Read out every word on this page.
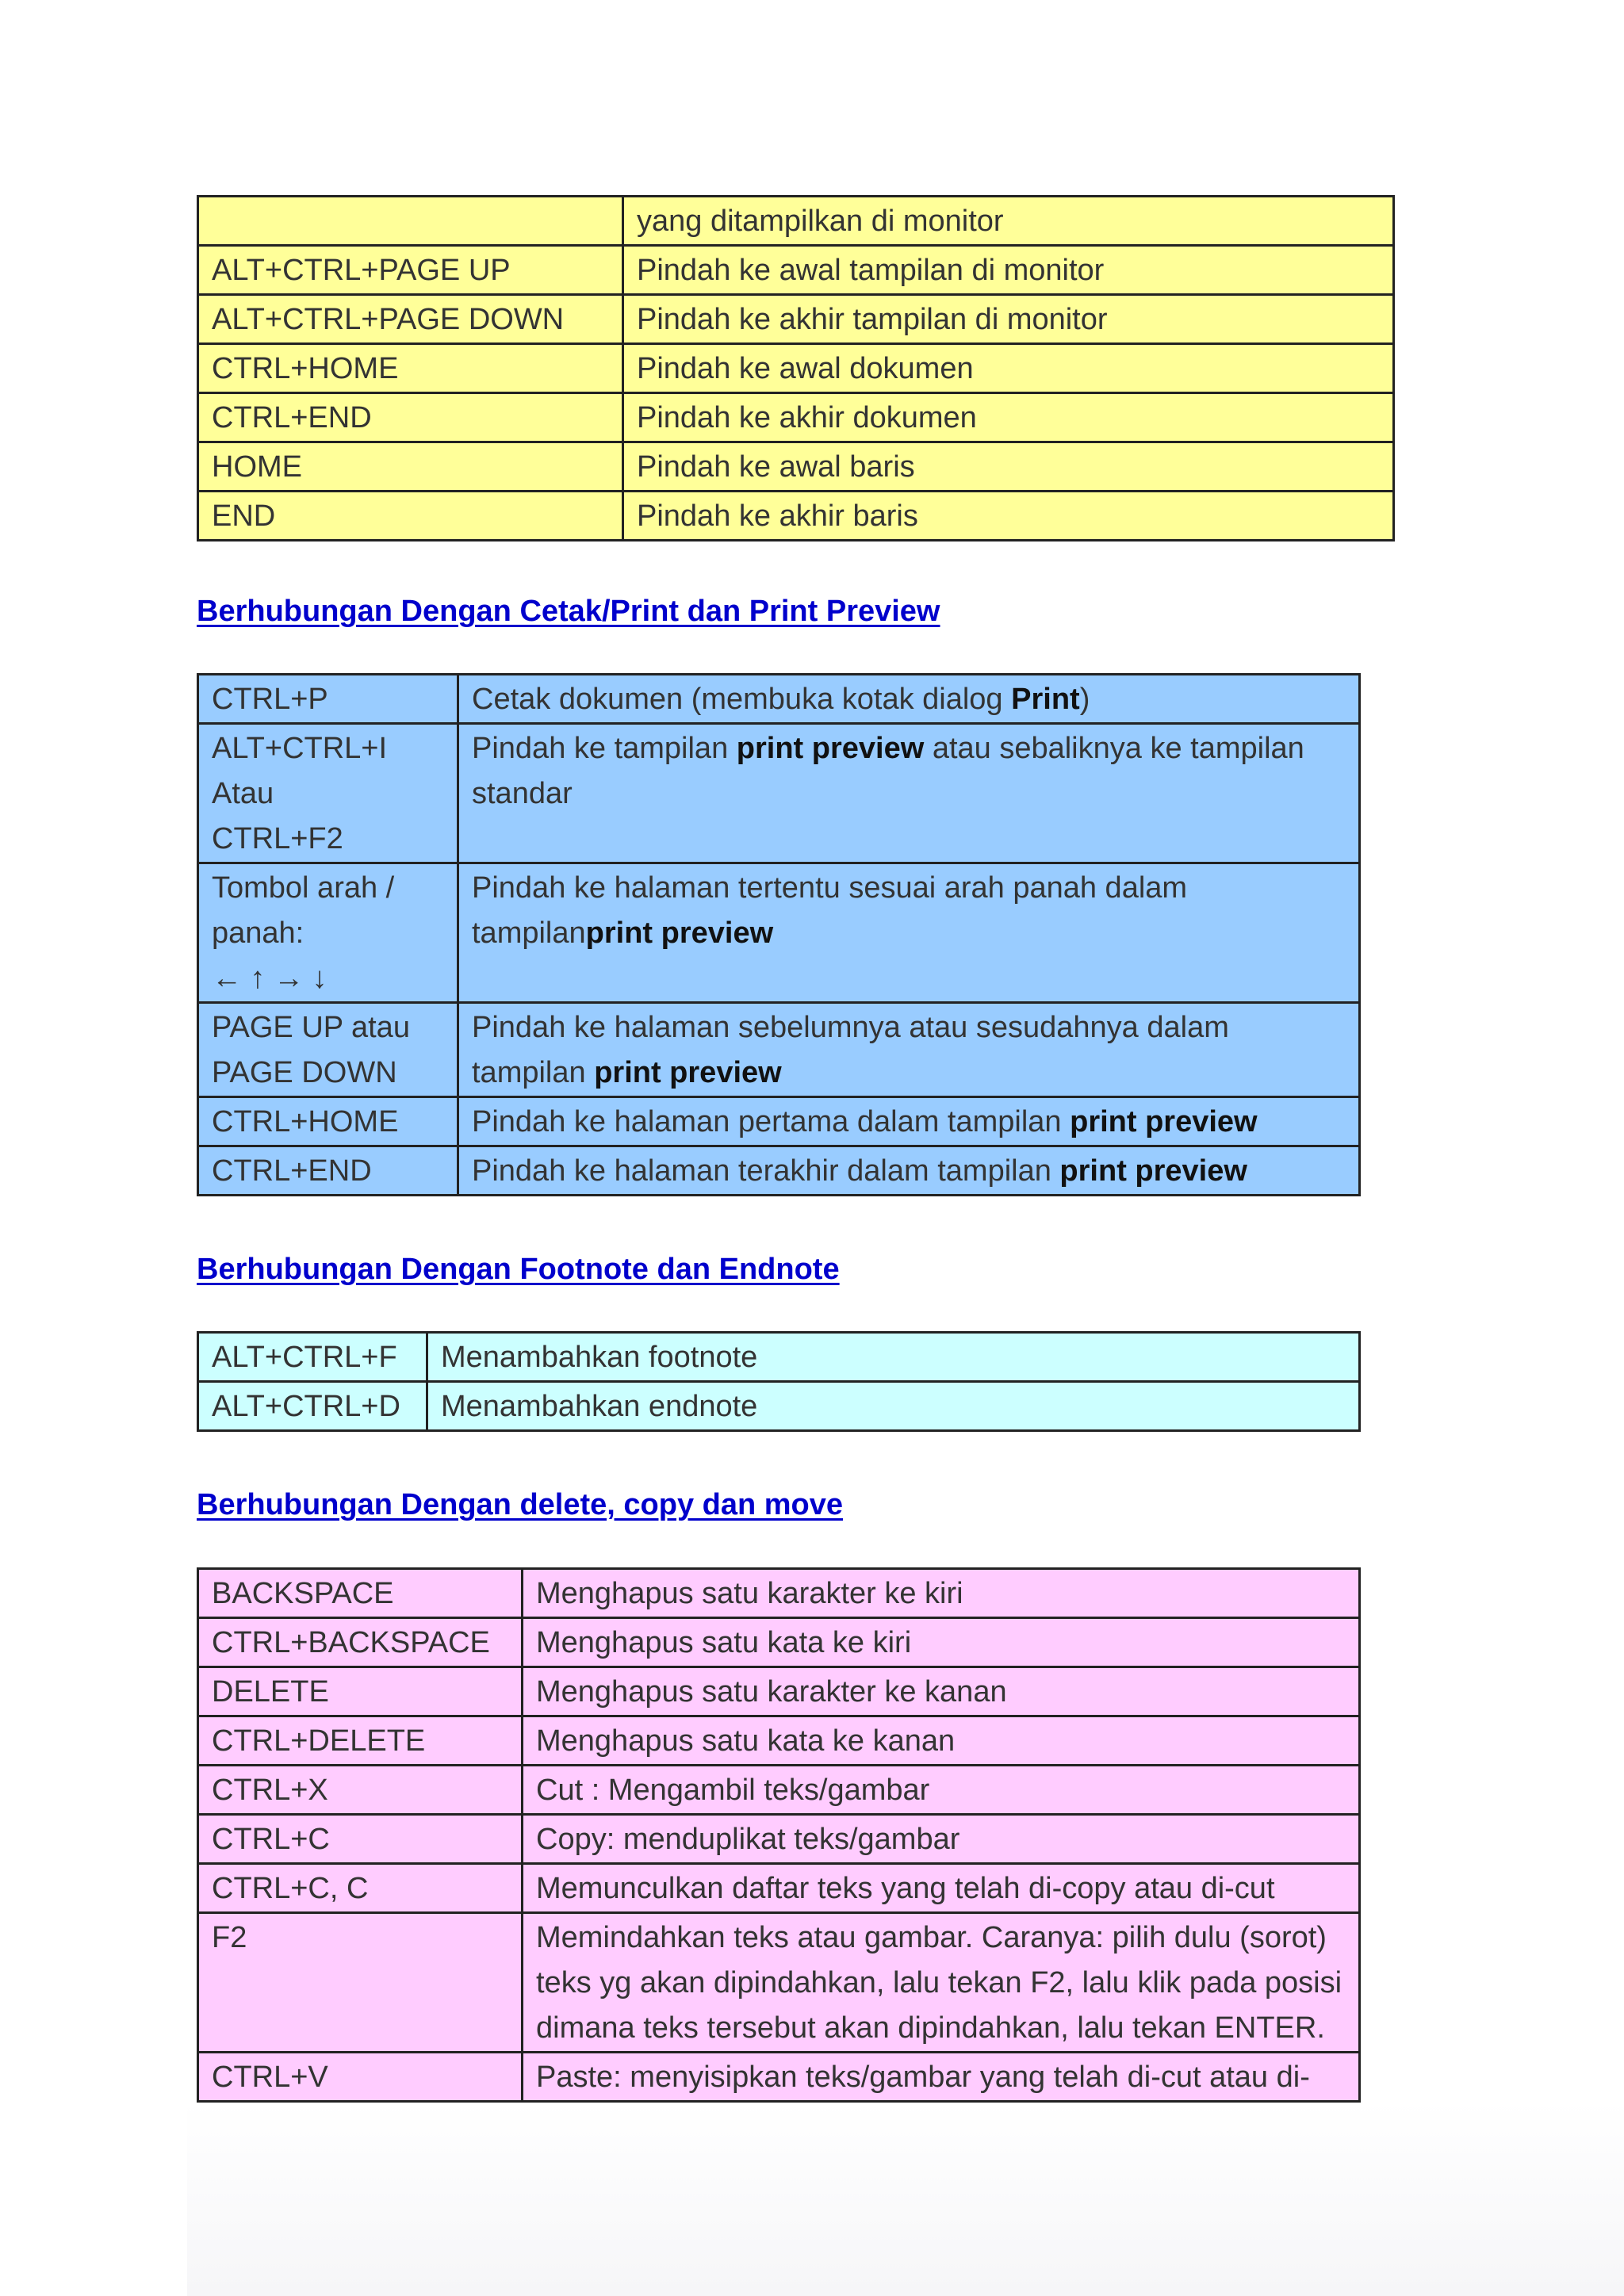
	yang ditampilkan di monitor
ALT+CTRL+PAGE UP	Pindah ke awal tampilan di monitor
ALT+CTRL+PAGE DOWN	Pindah ke akhir tampilan di monitor
CTRL+HOME	Pindah ke awal dokumen
CTRL+END	Pindah ke akhir dokumen
HOME	Pindah ke awal baris
END	Pindah ke akhir baris
Berhubungan Dengan Cetak/Print dan Print Preview
CTRL+P	Cetak dokumen (membuka kotak dialog Print)

ALT+CTRL+I
Atau
CTRL+F2	Pindah ke tampilan print preview atau sebaliknya ke tampilan standar

Tombol arah /
panah:
← ↑ → ↓	Pindah ke halaman tertentu sesuai arah panah dalam tampilanprint preview

PAGE UP atau
PAGE DOWN	Pindah ke halaman sebelumnya atau sesudahnya dalam tampilan print preview

CTRL+HOME	Pindah ke halaman pertama dalam tampilan print preview

CTRL+END	Pindah ke halaman terakhir dalam tampilan print preview
Berhubungan Dengan Footnote dan Endnote
ALT+CTRL+F	Menambahkan footnote
ALT+CTRL+D	Menambahkan endnote
Berhubungan Dengan delete, copy dan move
BACKSPACE	Menghapus satu karakter ke kiri
CTRL+BACKSPACE	Menghapus satu kata ke kiri
DELETE	Menghapus satu karakter ke kanan
CTRL+DELETE	Menghapus satu kata ke kanan
CTRL+X	Cut : Mengambil teks/gambar
CTRL+C	Copy: menduplikat teks/gambar
CTRL+C, C	Memunculkan daftar teks yang telah di-copy atau di-cut
F2	Memindahkan teks atau gambar. Caranya: pilih dulu (sorot) teks yg akan dipindahkan, lalu tekan F2, lalu klik pada posisi dimana teks tersebut akan dipindahkan, lalu tekan ENTER.
CTRL+V	Paste: menyisipkan teks/gambar yang telah di-cut atau di-
